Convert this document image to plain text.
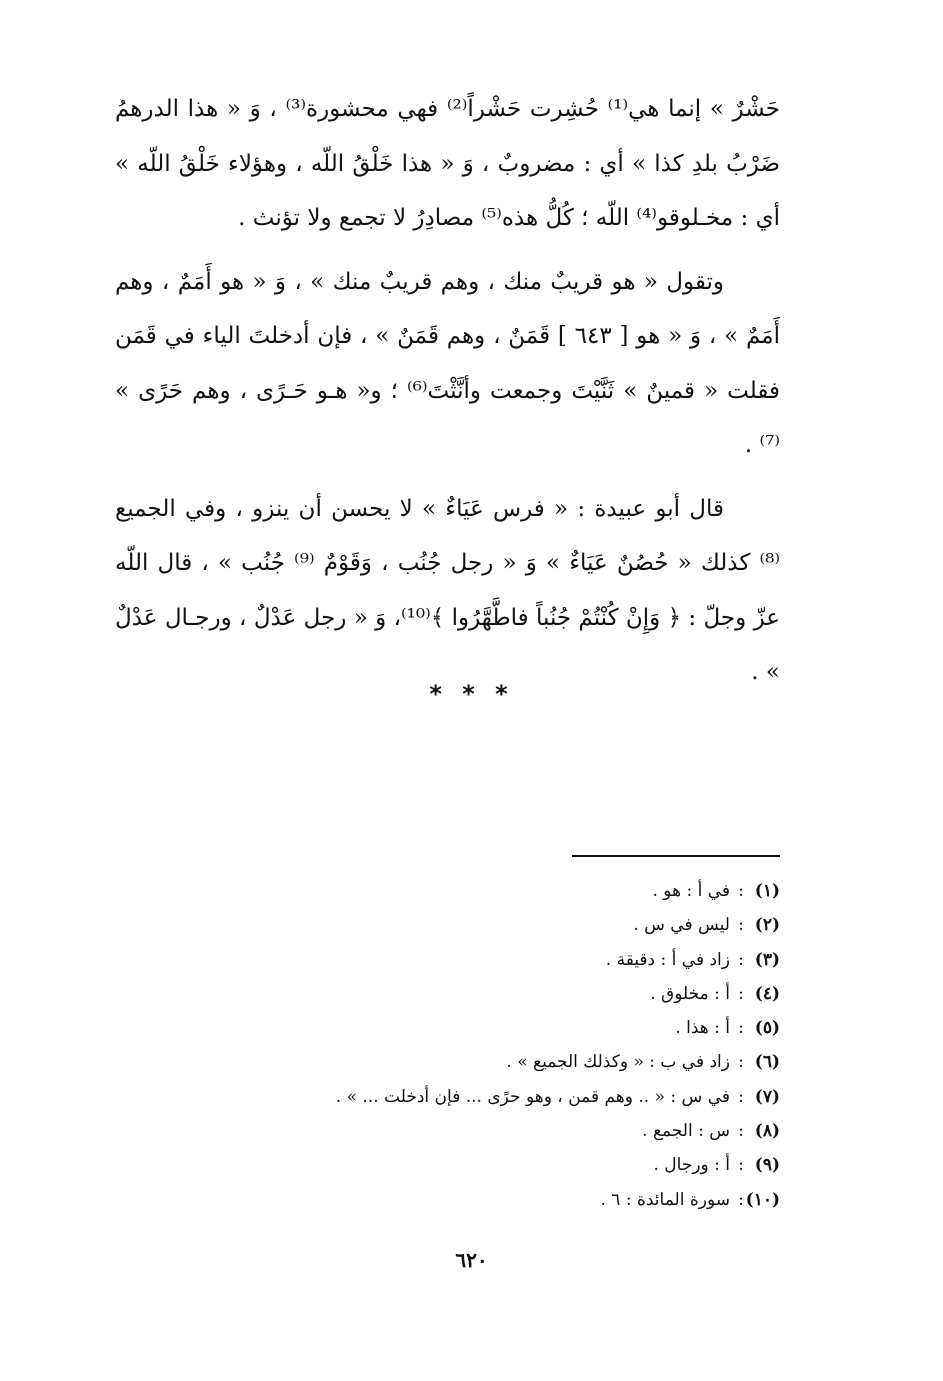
حَشْرٌ » إنما هي⁽¹⁾ حُشِرت حَشْراً⁽²⁾ فهي محشورة⁽³⁾ ، وَ « هذا الدرهمُ ضَرْبُ بلدِ كذا » أي : مضروبٌ ، وَ « هذا خَلْقُ اللّه ، وهؤلاء خَلْقُ اللّه » أي : مخـلوقو⁽⁴⁾ اللّه ؛ كُلُّ هذه⁽⁵⁾ مصادِرُ لا تجمع ولا تؤنث .

وتقول « هو قريبٌ منك ، وهم قريبٌ منك » ، وَ « هو أَمَمٌ ، وهم أَمَمٌ » ، وَ « هو [ ٦٤٣ ] قَمَنٌ ، وهم قَمَنٌ » ، فإن أدخلتَ الياء في قَمَن فقلت « قمينٌ » ثَنَّيْتَ وجمعت وأنَّثْتَ⁽⁶⁾ ؛ و« هـو حَـرًى ، وهم حَرًى » ⁽⁷⁾ .

قال أبو عبيدة : « فرس عَيَاءٌ » لا يحسن أن ينزو ، وفي الجميع ⁽⁸⁾ كذلك « حُصُنٌ عَيَاءٌ » وَ « رجل جُنُب ، وَقَوْمٌ ⁽⁹⁾ جُنُب » ، قال اللّه عزّ وجلّ : ﴿ وَإِنْ كُنْتُمْ جُنُباً فاطَّهَّرُوا ﴾⁽¹⁰⁾، وَ « رجل عَدْلٌ ، ورجـال عَدْلٌ » .

* * *
(١)
:
في أ : هو .
(٢)
:
ليس في س .
(٣)
:
زاد في أ : دقيقة .
(٤)
:
أ : مخلوق .
(٥)
:
أ : هذا .
(٦)
:
زاد في ب : « وكذلك الجميع » .
(٧)
:
في س : « .. وهم قمن ، وهو حرًى ... فإن أدخلت ... » .
(٨)
:
س : الجمع .
(٩)
:
أ : ورجال .
(١٠)
:
سورة المائدة : ٦ .
٦٢٠
